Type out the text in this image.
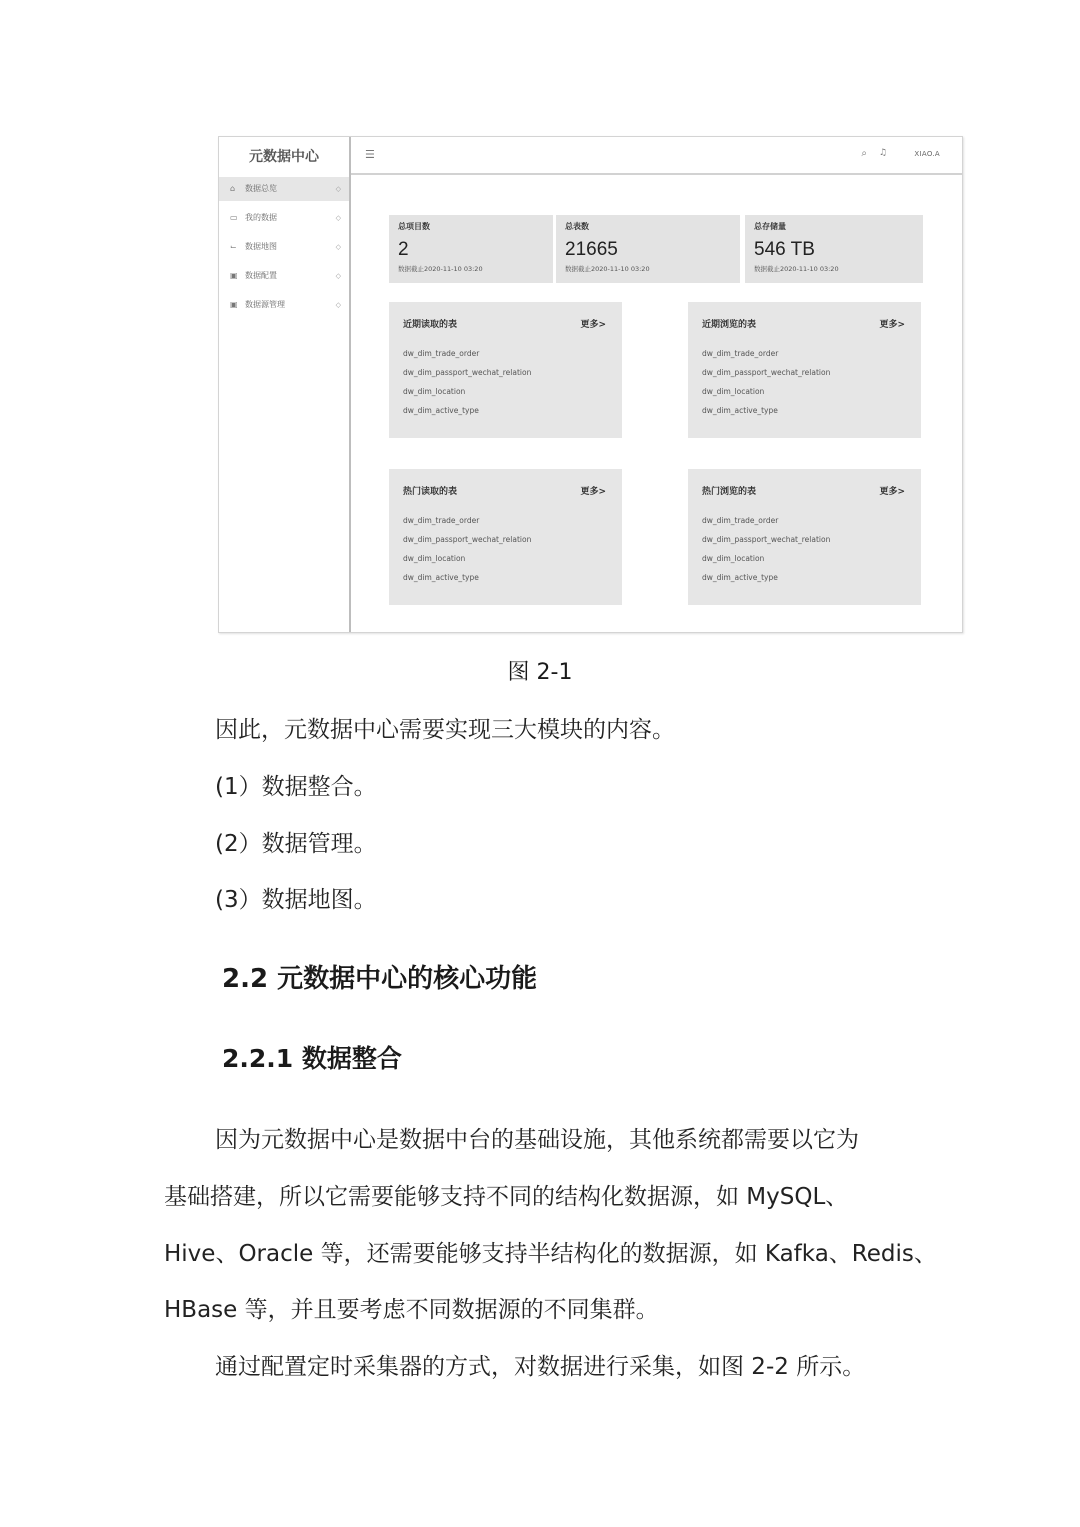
元数据中心
⌂ 数据总览	◇
▭ 我的数据	◇
⌙ 数据地图	◇
▣ 数据配置	◇
▣ 数据源管理	◇
☰	⌕ ♫	XIAO.A
总项目数
2
数据截止2020-11-10 03:20
总表数
21665
数据截止2020-11-10 03:20
总存储量
546 TB
数据截止2020-11-10 03:20
近期读取的表	更多>
dw_dim_trade_order
dw_dim_passport_wechat_relation
dw_dim_location
dw_dim_active_type
近期浏览的表	更多>
dw_dim_trade_order
dw_dim_passport_wechat_relation
dw_dim_location
dw_dim_active_type
热门读取的表	更多>
dw_dim_trade_order
dw_dim_passport_wechat_relation
dw_dim_location
dw_dim_active_type
热门浏览的表	更多>
dw_dim_trade_order
dw_dim_passport_wechat_relation
dw_dim_location
dw_dim_active_type
图 2-1
因此，元数据中心需要实现三大模块的内容。
(1）数据整合。
(2）数据管理。
(3）数据地图。
2.2 元数据中心的核心功能
2.2.1 数据整合
因为元数据中心是数据中台的基础设施，其他系统都需要以它为
基础搭建，所以它需要能够支持不同的结构化数据源，如 MySQL、
Hive、Oracle 等，还需要能够支持半结构化的数据源，如 Kafka、Redis、
HBase 等，并且要考虑不同数据源的不同集群。
通过配置定时采集器的方式，对数据进行采集，如图 2-2 所示。
